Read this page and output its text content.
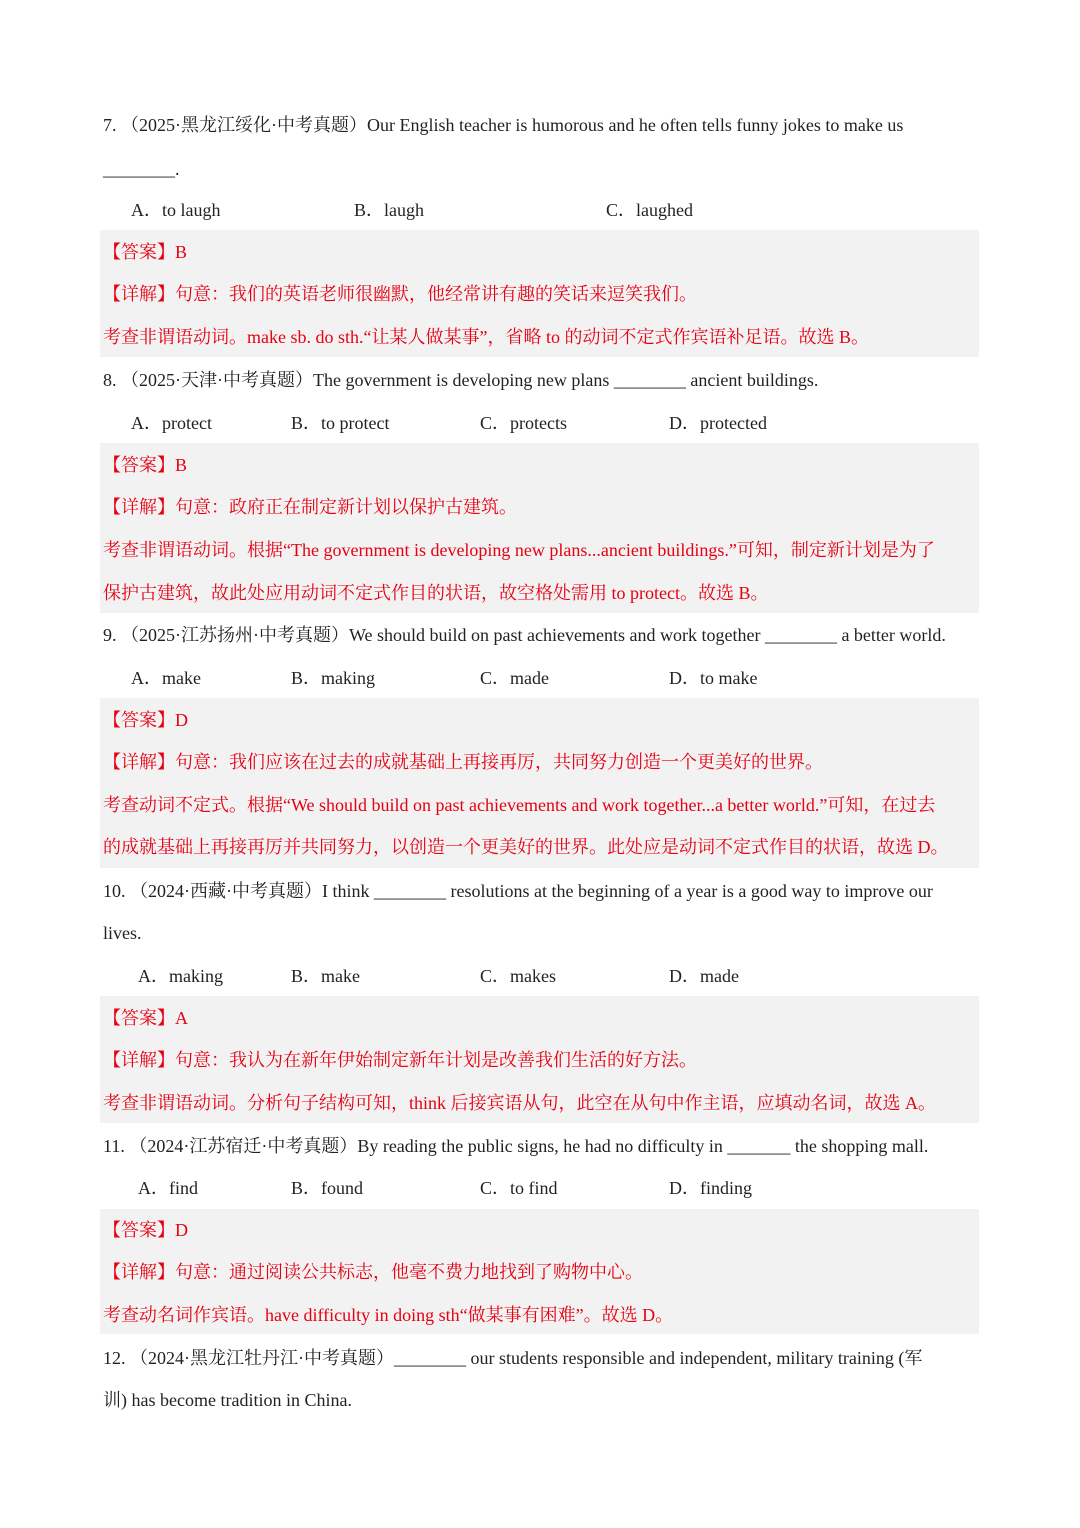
7. （2025·黑龙江绥化·中考真题）Our English teacher is humorous and he often tells funny jokes to make us
________.
A．to laugh	B．laugh	C．laughed
【答案】B
【详解】句意：我们的英语老师很幽默，他经常讲有趣的笑话来逗笑我们。
考查非谓语动词。make sb. do sth.“让某人做某事”，省略 to 的动词不定式作宾语补足语。故选 B。
8. （2025·天津·中考真题）The government is developing new plans ________ ancient buildings.
A．protect	B．to protect	C．protects	D．protected
【答案】B
【详解】句意：政府正在制定新计划以保护古建筑。
考查非谓语动词。根据“The government is developing new plans...ancient buildings.”可知，制定新计划是为了
保护古建筑，故此处应用动词不定式作目的状语，故空格处需用 to protect。故选 B。
9. （2025·江苏扬州·中考真题）We should build on past achievements and work together ________ a better world.
A．make	B．making	C．made	D．to make
【答案】D
【详解】句意：我们应该在过去的成就基础上再接再厉，共同努力创造一个更美好的世界。
考查动词不定式。根据“We should build on past achievements and work together...a better world.”可知，在过去
的成就基础上再接再厉并共同努力，以创造一个更美好的世界。此处应是动词不定式作目的状语，故选 D。
10. （2024·西藏·中考真题）I think ________ resolutions at the beginning of a year is a good way to improve our
lives.
A．making	B．make	C．makes	D．made
【答案】A
【详解】句意：我认为在新年伊始制定新年计划是改善我们生活的好方法。
考查非谓语动词。分析句子结构可知，think 后接宾语从句，此空在从句中作主语，应填动名词，故选 A。
11. （2024·江苏宿迁·中考真题）By reading the public signs, he had no difficulty in _______ the shopping mall.
A．find	B．found	C．to find	D．finding
【答案】D
【详解】句意：通过阅读公共标志，他毫不费力地找到了购物中心。
考查动名词作宾语。have difficulty in doing sth“做某事有困难”。故选 D。
12. （2024·黑龙江牡丹江·中考真题）________ our students responsible and independent, military training (军
训) has become tradition in China.
